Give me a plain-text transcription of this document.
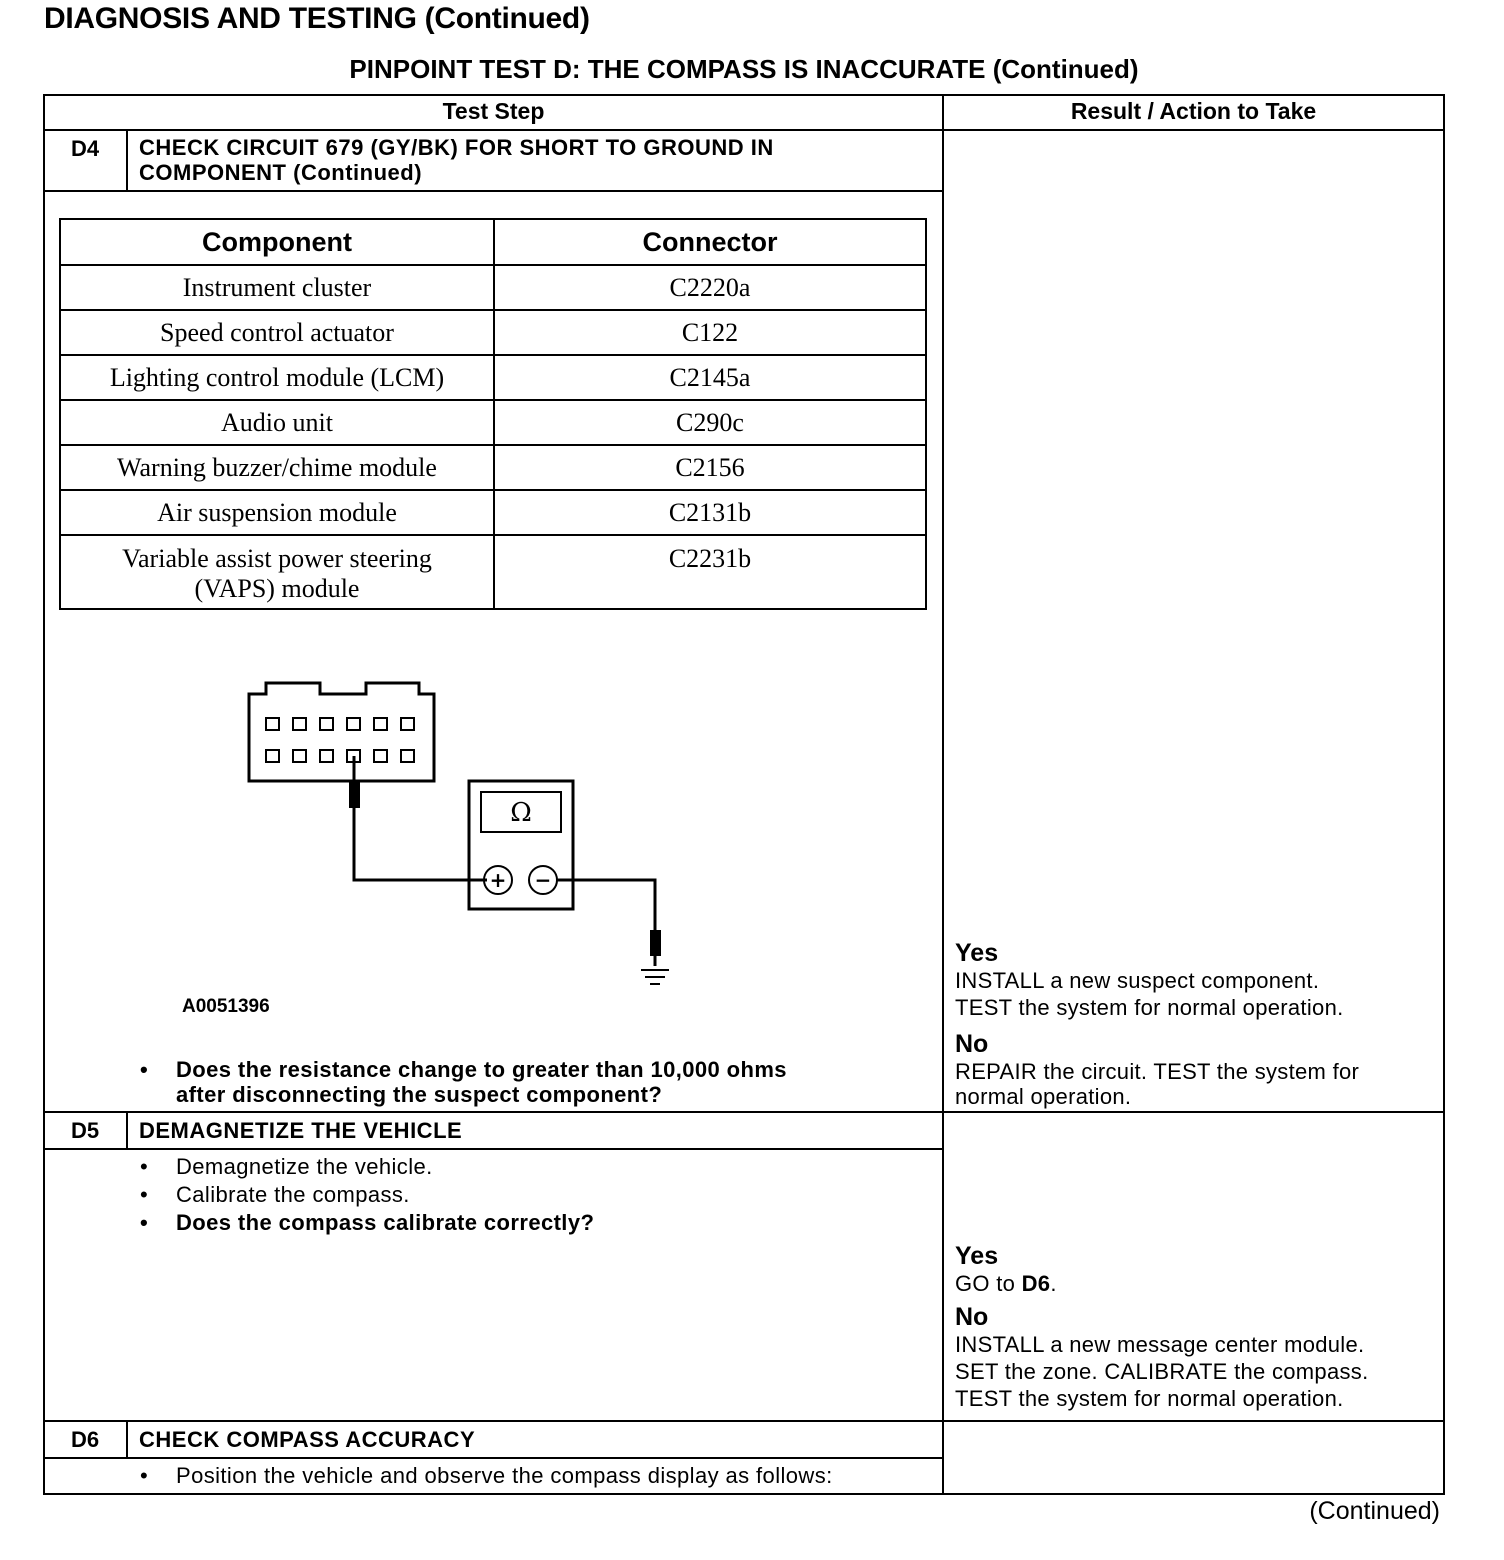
DIAGNOSIS AND TESTING (Continued)
PINPOINT TEST D: THE COMPASS IS INACCURATE (Continued)
Test Step	Result / Action to Take
D4	CHECK CIRCUIT 679 (GY/BK) FOR SHORT TO GROUND IN
COMPONENT (Continued)
Component	Connector
Instrument cluster	C2220a
Speed control actuator	C122
Lighting control module (LCM)	C2145a
Audio unit	C290c
Warning buzzer/chime module	C2156
Air suspension module	C2131b
Variable assist power steering
(VAPS) module	C2231b
Ω
+ −
A0051396
• Does the resistance change to greater than 10,000 ohms
after disconnecting the suspect component?
Yes
INSTALL a new suspect component.
TEST the system for normal operation.
No
REPAIR the circuit. TEST the system for
normal operation.
D5	DEMAGNETIZE THE VEHICLE
• Demagnetize the vehicle.
• Calibrate the compass.
• Does the compass calibrate correctly?
Yes
GO to D6.
No
INSTALL a new message center module.
SET the zone. CALIBRATE the compass.
TEST the system for normal operation.
D6	CHECK COMPASS ACCURACY
• Position the vehicle and observe the compass display as follows:
(Continued)
